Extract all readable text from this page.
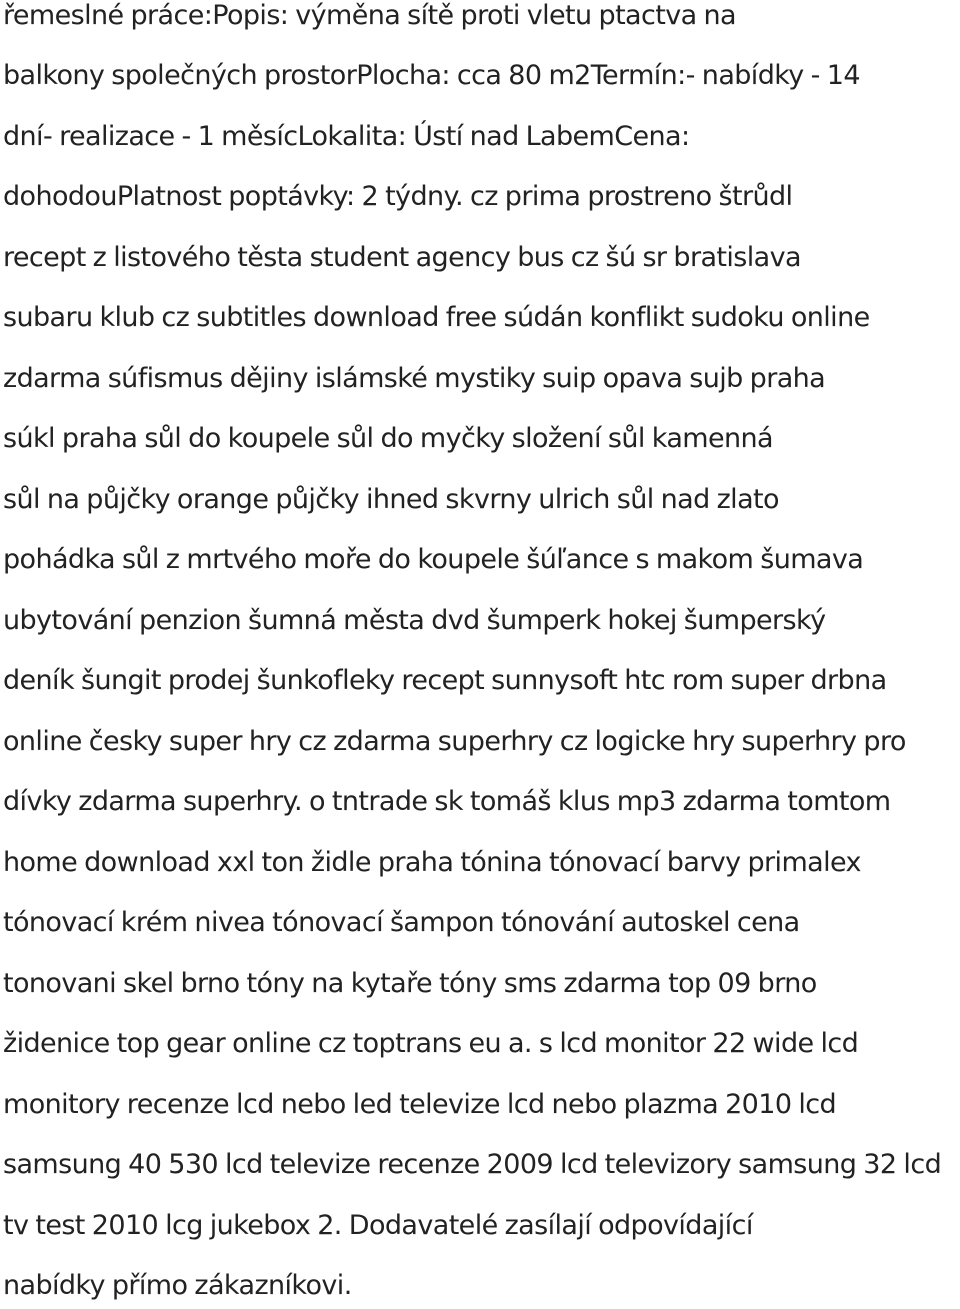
řemeslné práce:Popis: výměna sítě proti vletu ptactva na
balkony společných prostorPlocha: cca 80 m2Termín:- nabídky - 14
dní- realizace - 1 měsícLokalita: Ústí nad LabemCena:
dohodouPlatnost poptávky: 2 týdny. cz prima prostreno štrůdl
recept z listového těsta student agency bus cz šú sr bratislava
subaru klub cz subtitles download free súdán konflikt sudoku online
zdarma súfismus dějiny islámské mystiky suip opava sujb praha
súkl praha sůl do koupele sůl do myčky složení sůl kamenná
sůl na půjčky orange půjčky ihned skvrny ulrich sůl nad zlato
pohádka sůl z mrtvého moře do koupele šúľance s makom šumava
ubytování penzion šumná města dvd šumperk hokej šumperský
deník šungit prodej šunkofleky recept sunnysoft htc rom super drbna
online česky super hry cz zdarma superhry cz logicke hry superhry pro
dívky zdarma superhry. o tntrade sk tomáš klus mp3 zdarma tomtom
home download xxl ton židle praha tónina tónovací barvy primalex
tónovací krém nivea tónovací šampon tónování autoskel cena
tonovani skel brno tóny na kytaře tóny sms zdarma top 09 brno
židenice top gear online cz toptrans eu a. s lcd monitor 22 wide lcd
monitory recenze lcd nebo led televize lcd nebo plazma 2010 lcd
samsung 40 530 lcd televize recenze 2009 lcd televizory samsung 32 lcd
tv test 2010 lcg jukebox 2. Dodavatelé zasílají odpovídající
nabídky přímo zákazníkovi.
